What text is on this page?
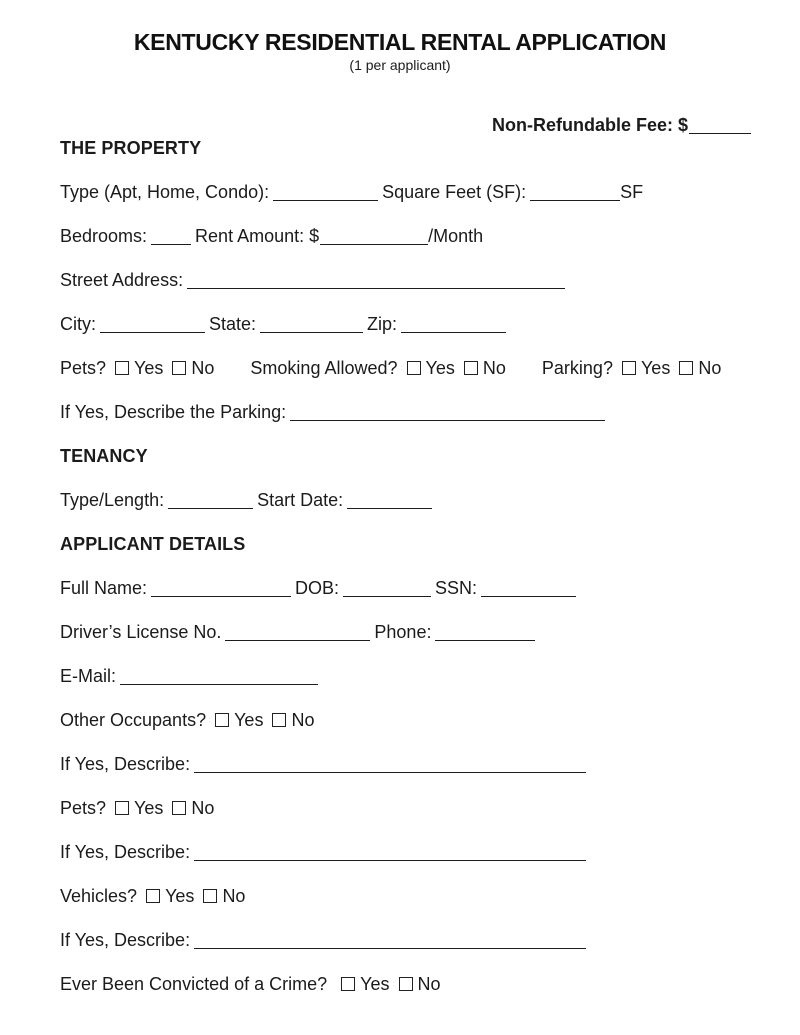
KENTUCKY RESIDENTIAL RENTAL APPLICATION

(1 per applicant)

Non-Refundable Fee: $

THE PROPERTY

Type (Apt, Home, Condo):	Square Feet (SF):	SF

Bedrooms:	Rent Amount: $	/Month

Street Address:

City:	State:	Zip:

Pets? Yes No Smoking Allowed? Yes No Parking? Yes No

If Yes, Describe the Parking:

TENANCY

Type/Length:	Start Date:

APPLICANT DETAILS

Full Name:	DOB:	SSN:

Driver’s License No.	Phone:

E-Mail:

Other Occupants? Yes No

If Yes, Describe:

Pets? Yes No

If Yes, Describe:

Vehicles? Yes No

If Yes, Describe:

Ever Been Convicted of a Crime? Yes No
